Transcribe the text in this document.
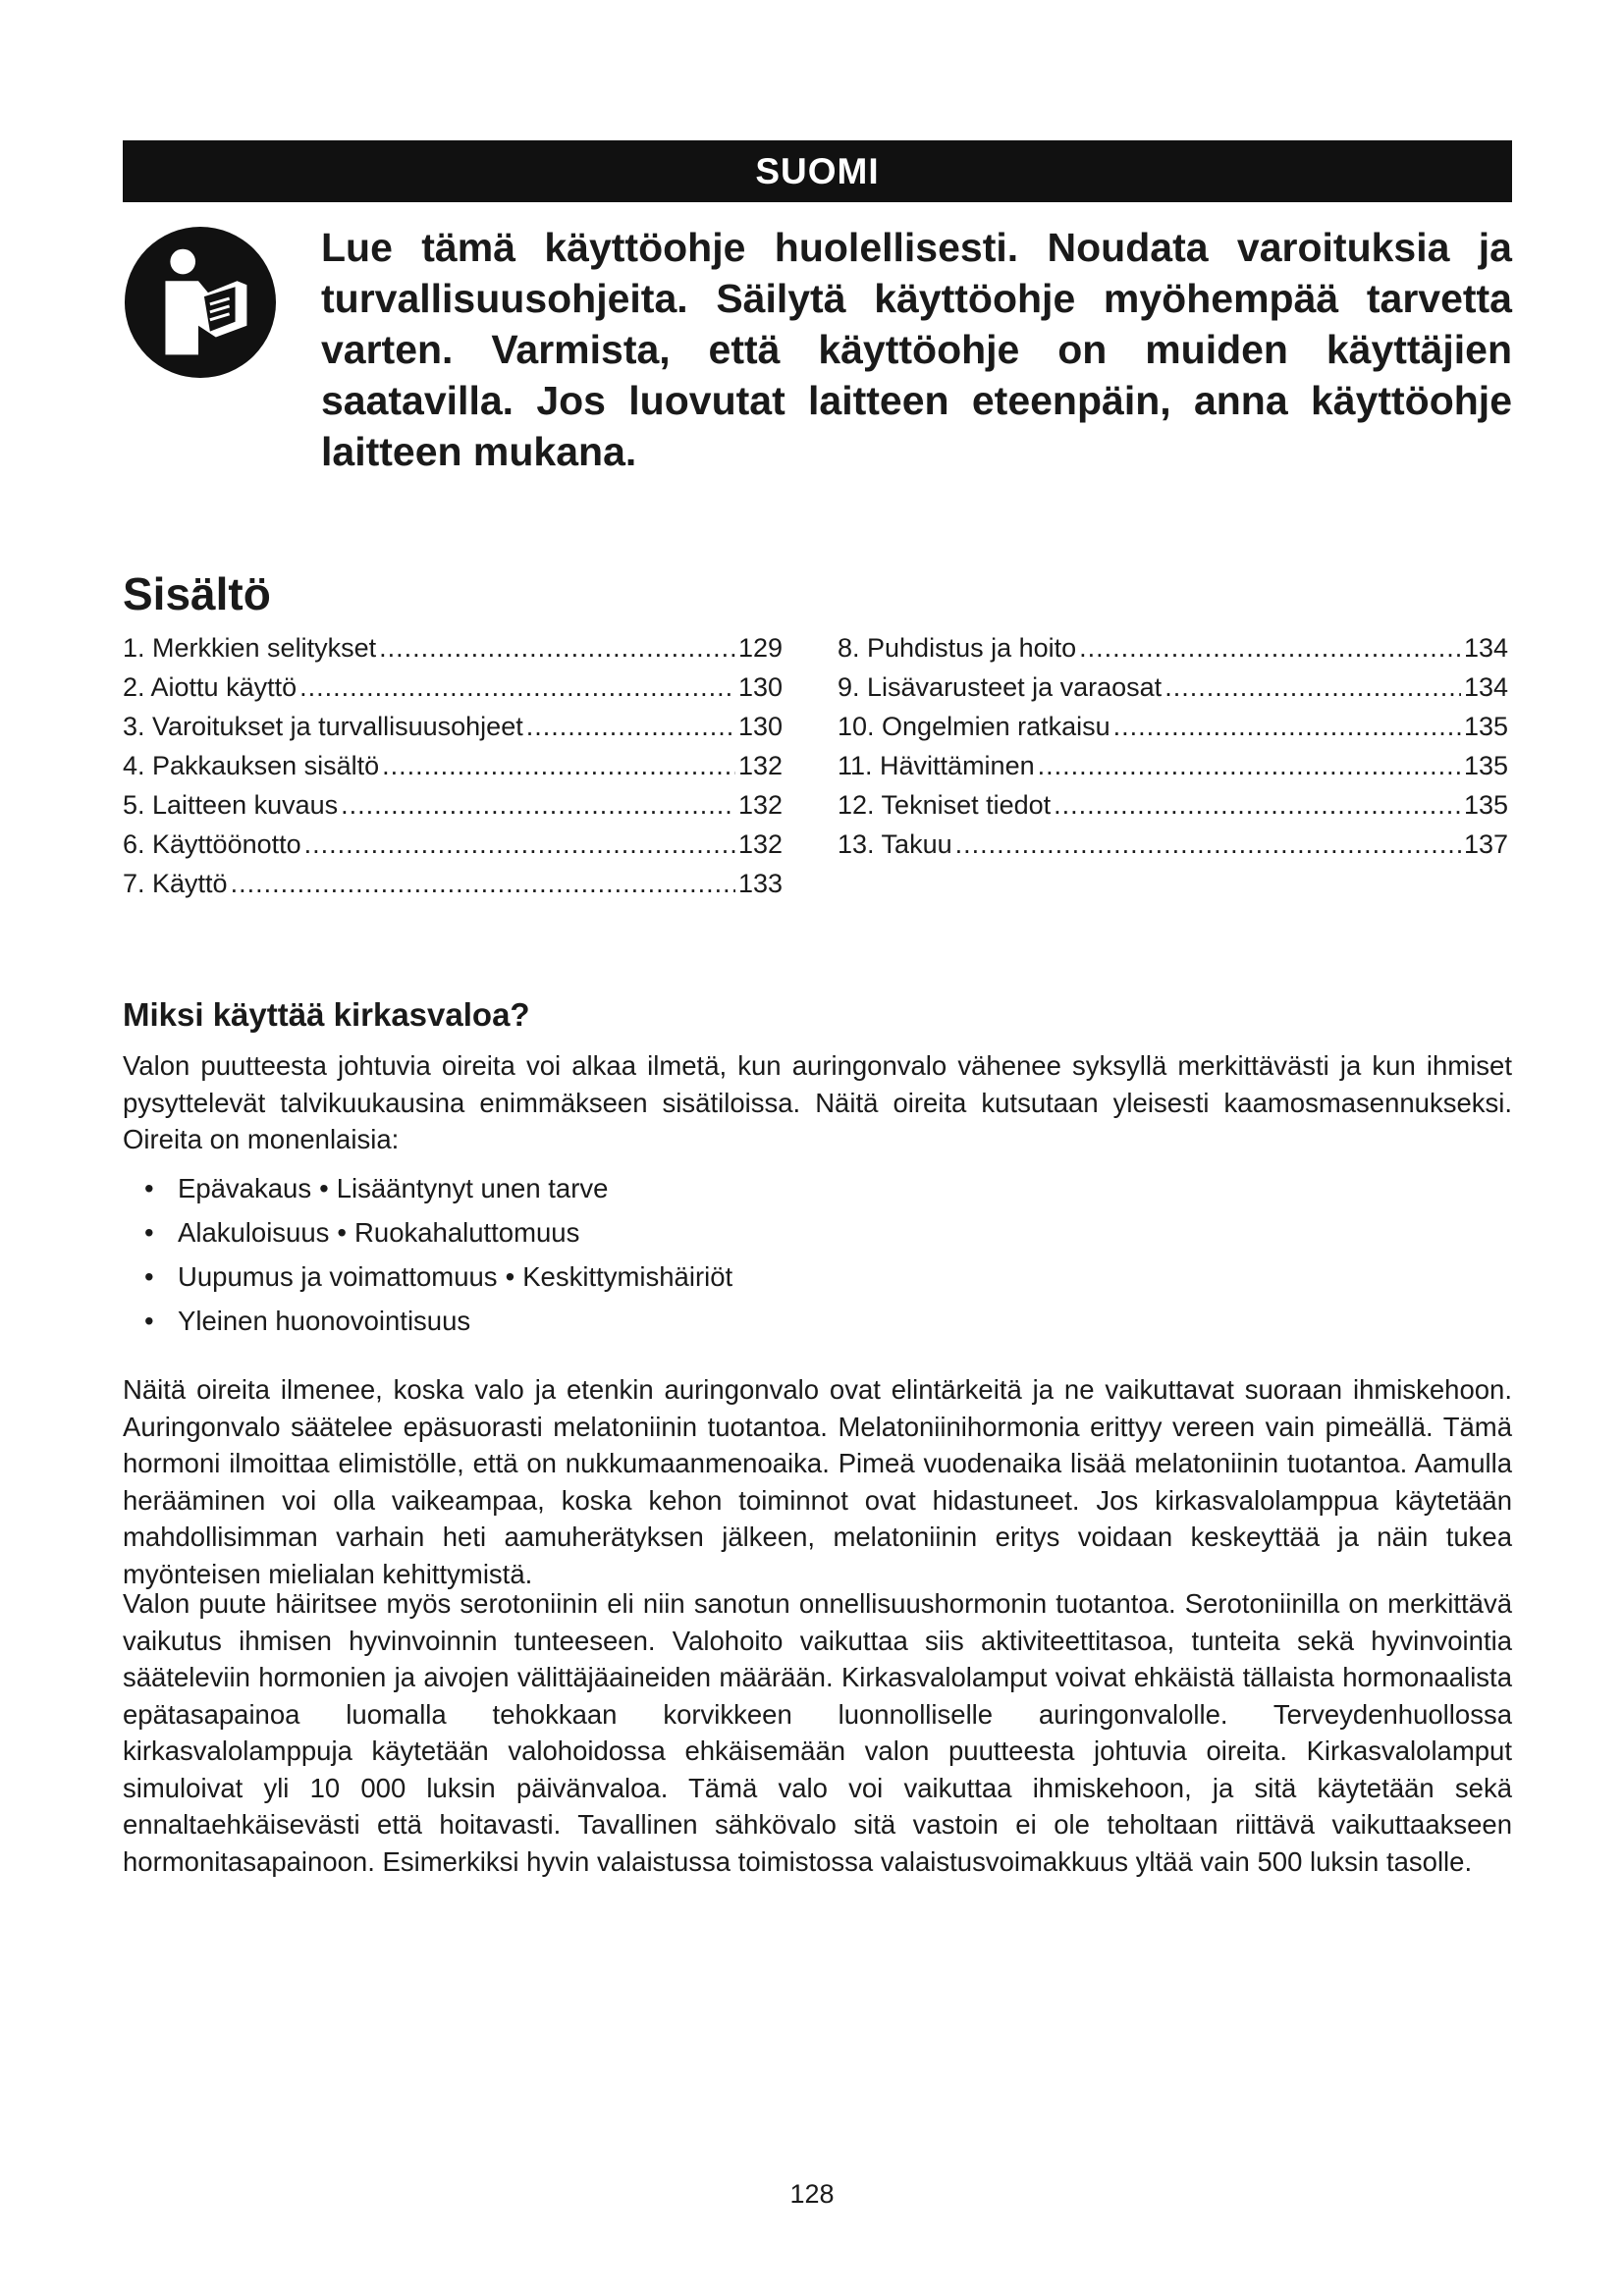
SUOMI

Lue tämä käyttöohje huolellisesti. Noudata varoituksia ja turvallisuusohjeita. Säilytä käyttöohje myöhempää tarvetta varten. Varmista, että käyttöohje on muiden käyttäjien saatavilla. Jos luovutat laitteen eteenpäin, anna käyttöohje laitteen mukana.

Sisältö
1. Merkkien selitykset .....	129
2. Aiottu käyttö .....	130
3. Varoitukset ja turvallisuusohjeet .....	130
4. Pakkauksen sisältö .....	132
5. Laitteen kuvaus .....	132
6. Käyttöönotto .....	132
7. Käyttö .....	133
8. Puhdistus ja hoito .....	134
9. Lisävarusteet ja varaosat .....	134
10. Ongelmien ratkaisu .....	135
11. Hävittäminen .....	135
12. Tekniset tiedot .....	135
13. Takuu .....	137
Miksi käyttää kirkasvaloa?

Valon puutteesta johtuvia oireita voi alkaa ilmetä, kun auringonvalo vähenee syksyllä merkittävästi ja kun ihmiset pysyttelevät talvikuukausina enimmäkseen sisätiloissa. Näitä oireita kutsutaan yleisesti kaamosmasennukseksi. Oireita on monenlaisia:

• Epävakaus • Lisääntynyt unen tarve
• Alakuloisuus • Ruokahaluttomuus
• Uupumus ja voimattomuus • Keskittymishäiriöt
• Yleinen huonovointisuus

Näitä oireita ilmenee, koska valo ja etenkin auringonvalo ovat elintärkeitä ja ne vaikuttavat suoraan ihmiskehoon. Auringonvalo säätelee epäsuorasti melatoniinin tuotantoa. Melatoniinihormonia erittyy vereen vain pimeällä. Tämä hormoni ilmoittaa elimistölle, että on nukkumaanmenoaika. Pimeä vuodenaika lisää melatoniinin tuotantoa. Aamulla herääminen voi olla vaikeampaa, koska kehon toiminnot ovat hidastuneet. Jos kirkasvalolamppua käytetään mahdollisimman varhain heti aamuherätyksen jälkeen, melatoniinin eritys voidaan keskeyttää ja näin tukea myönteisen mielialan kehittymistä.

Valon puute häiritsee myös serotoniinin eli niin sanotun onnellisuushormonin tuotantoa. Serotoniinilla on merkittävä vaikutus ihmisen hyvinvoinnin tunteeseen. Valohoito vaikuttaa siis aktiviteettitasoa, tunteita sekä hyvinvointia sääteleviin hormonien ja aivojen välittäjäaineiden määrään. Kirkasvalolamput voivat ehkäistä tällaista hormonaalista epätasapainoa luomalla tehokkaan korvikkeen luonnolliselle auringonvalolle. Terveydenhuollossa kirkasvalolamppuja käytetään valohoidossa ehkäisemään valon puutteesta johtuvia oireita. Kirkasvalolamput simuloivat yli 10 000 luksin päivänvaloa. Tämä valo voi vaikuttaa ihmiskehoon, ja sitä käytetään sekä ennaltaehkäisevästi että hoitavasti. Tavallinen sähkövalo sitä vastoin ei ole teholtaan riittävä vaikuttaakseen hormonitasapainoon. Esimerkiksi hyvin valaistussa toimistossa valaistusvoimakkuus yltää vain 500 luksin tasolle.

128
